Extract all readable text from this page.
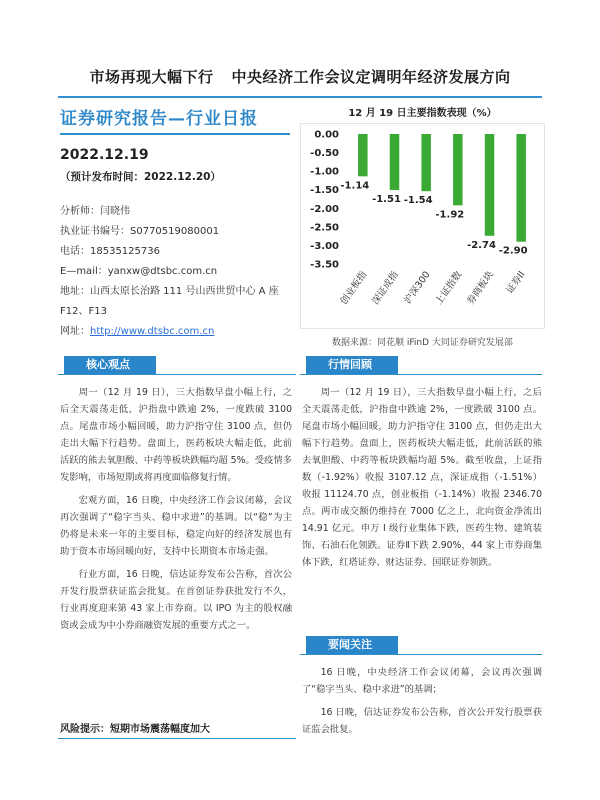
市场再现大幅下行 中央经济工作会议定调明年经济发展方向
证券研究报告—行业日报
2022.12.19
（预计发布时间：2022.12.20）
分析师：闫晓伟
执业证书编号：S0770519080001
电话：18535125736
E—mail：yanxw@dtsbc.com.cn
地址：山西太原长治路 111 号山西世贸中心 A 座 F12、F13
网址：http://www.dtsbc.com.cn
12 月 19 日主要指数表现（%）
0.00
-0.50
-1.00
-1.50
-2.00
-2.50
-3.00
-3.50
-1.14
创业板指
-1.51
深证成指
-1.54
沪深300
-1.92
上证指数
-2.74
券商板块
-2.90
证券II
数据来源：同花顺 iFinD 大同证券研究发展部
核心观点

周一（12 月 19 日），三大指数早盘小幅上行，之后全天震荡走低，沪指盘中跌逾 2%，一度跌破 3100 点。尾盘市场小幅回暖，助力沪指守住 3100 点，但仍走出大幅下行趋势。盘面上，医药板块大幅走低，此前活跃的熊去氧胆酸、中药等板块跌幅均超 5%。受疫情多发影响，市场短期或将再度面临修复行情。

宏观方面，16 日晚，中央经济工作会议闭幕，会议再次强调了“稳字当头、稳中求进”的基调。以“稳”为主仍将是未来一年的主要目标，稳定向好的经济发展也有助于资本市场回暖向好，支持中长期资本市场走强。

行业方面，16 日晚，信达证券发布公告称，首次公开发行股票获证监会批复。在首创证券获批发行不久，行业再度迎来第 43 家上市券商。以 IPO 为主的股权融资或会成为中小券商融资发展的重要方式之一。

风险提示：短期市场震荡幅度加大
行情回顾

周一（12 月 19 日），三大指数早盘小幅上行，之后全天震荡走低，沪指盘中跌逾 2%，一度跌破 3100 点。尾盘市场小幅回暖，助力沪指守住 3100 点，但仍走出大幅下行趋势。盘面上，医药板块大幅走低，此前活跃的熊去氧胆酸、中药等板块跌幅均超 5%。截至收盘，上证指数（-1.92%）收报 3107.12 点，深证成指（-1.51%）收报 11124.70 点，创业板指（-1.14%）收报 2346.70 点。两市成交额仍维持在 7000 亿之上，北向资金净流出 14.91 亿元。申万 I 级行业集体下跌，医药生物、建筑装饰、石油石化领跌。证券Ⅱ下跌 2.90%，44 家上市券商集体下跌，红塔证券、财达证券、国联证券领跌。

要闻关注

16 日晚，中央经济工作会议闭幕，会议再次强调了“稳字当头、稳中求进”的基调；

16 日晚，信达证券发布公告称，首次公开发行股票获证监会批复。
